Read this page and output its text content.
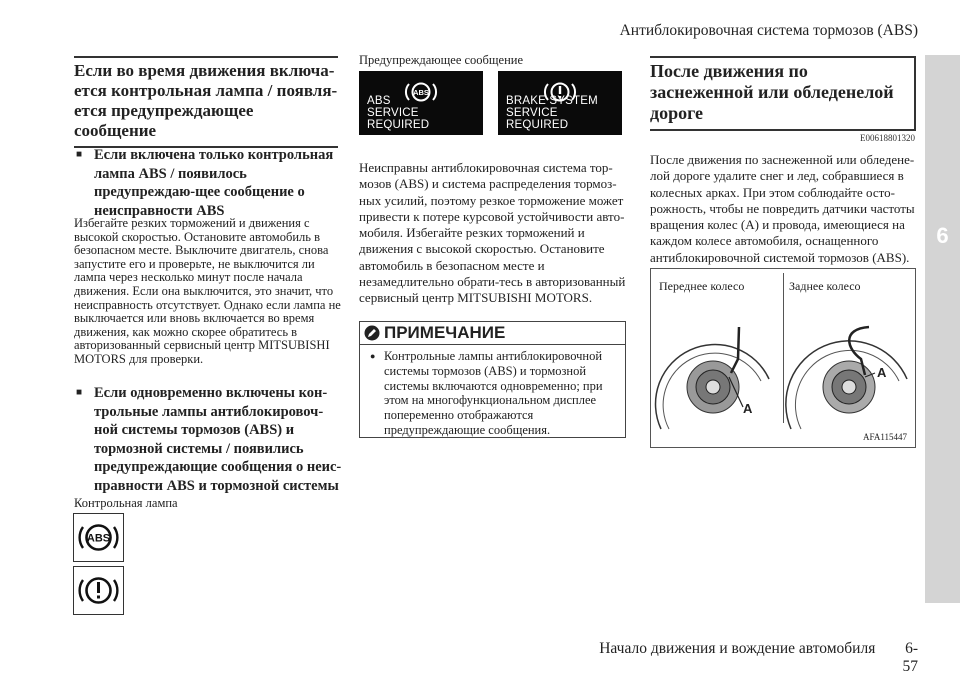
Антиблокировочная система тормозов (ABS)
6
Если во время движения включа-ется контрольная лампа / появля-ется предупреждающее сообщение
■ Если включена только контрольная лампа ABS / появилось предупреждаю-щее сообщение о неисправности ABS
Избегайте резких торможений и движения с высокой скоростью. Остановите автомобиль в безопасном месте. Выключите двигатель, снова запустите его и проверьте, не выключится ли лампа через несколько минут после начала движения. Если она выключится, это значит, что неисправность отсутствует. Однако если лампа не выключается или вновь включается во время движения, как можно скорее обратитесь в авторизованный сервисный центр MITSUBISHI MOTORS для проверки.
■ Если одновременно включены кон-трольные лампы антиблокировоч-ной системы тормозов (ABS) и тормозной системы / появились предупреждающие сообщения о неис-правности ABS и тормозной системы
Контрольная лампа
ABS
Предупреждающее сообщение
ABS
ABS
SERVICE REQUIRED
BRAKE SYSTEM
SERVICE REQUIRED
Неисправны антиблокировочная система тор-мозов (ABS) и система распределения тормоз-ных усилий, поэтому резкое торможение может привести к потере курсовой устойчивости авто-мобиля. Избегайте резких торможений и движения с высокой скоростью. Остановите автомобиль в безопасном месте и незамедлительно обрати-тесь в авторизованный сервисный центр MITSUBISHI MOTORS.
ПРИМЕЧАНИЕ
● Контрольные лампы антиблокировочной системы тормозов (ABS) и тормозной системы включаются одновременно; при этом на многофункциональном дисплее попеременно отображаются предупреждающие сообщения.
После движения по заснеженной или обледенелой дороге
E00618801320
После движения по заснеженной или обледене-лой дороге удалите снег и лед, собравшиеся в колесных арках. При этом соблюдайте осто-рожность, чтобы не повредить датчики частоты вращения колес (A) и провода, имеющиеся на каждом колесе автомобиля, оснащенного антиблокировочной системой тормозов (ABS).
Переднее колесо	Заднее колесо
A
A
AFA115447
Начало движения и вождение автомобиля 6-57
